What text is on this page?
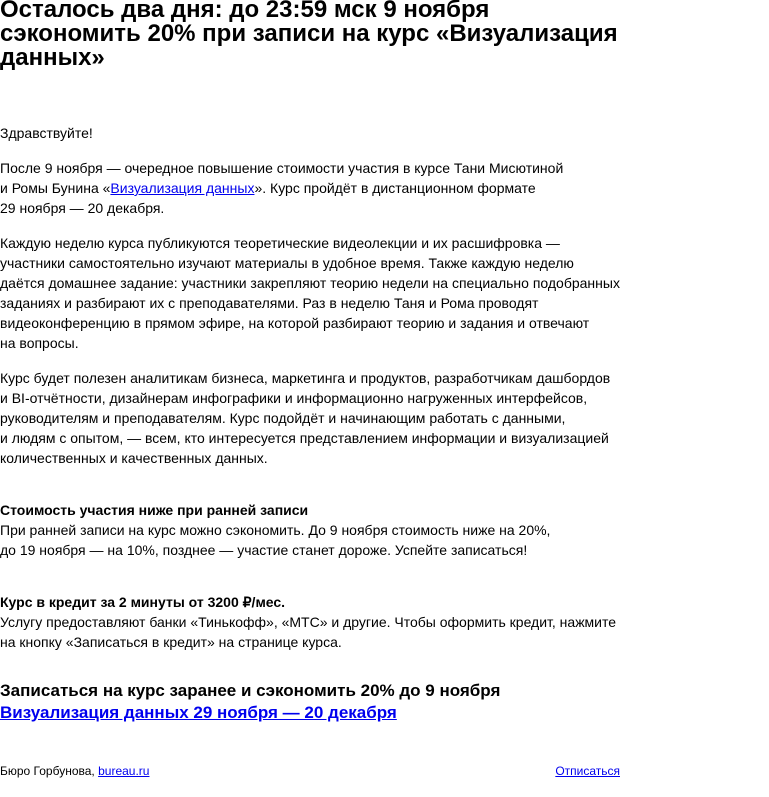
Осталось два дня: до 23:59 мск 9 ноября
сэкономить 20% при записи на курс «Визуализация
данных»

Здравствуйте!

После 9 ноября — очередное повышение стоимости участия в курсе Тани Мисютиной
и Ромы Бунина «Визуализация данных». Курс пройдёт в дистанционном формате
29 ноября — 20 декабря.

Каждую неделю курса публикуются теоретические видеолекции и их расшифровка —
участники самостоятельно изучают материалы в удобное время. Также каждую неделю
даётся домашнее задание: участники закрепляют теорию недели на специально подобранных
заданиях и разбирают их с преподавателями. Раз в неделю Таня и Рома проводят
видеоконференцию в прямом эфире, на которой разбирают теорию и задания и отвечают
на вопросы.

Курс будет полезен аналитикам бизнеса, маркетинга и продуктов, разработчикам дашбордов
и BI-отчётности, дизайнерам инфографики и информационно нагруженных интерфейсов,
руководителям и преподавателям. Курс подойдёт и начинающим работать с данными,
и людям с опытом, — всем, кто интересуется представлением информации и визуализацией
количественных и качественных данных.

Стоимость участия ниже при ранней записи

При ранней записи на курс можно сэкономить. До 9 ноября стоимость ниже на 20%,
до 19 ноября — на 10%, позднее — участие станет дороже. Успейте записаться!

Курс в кредит за 2 минуты от 3200 ₽/мес.

Услугу предоставляют банки «Тинькофф», «МТС» и другие. Чтобы оформить кредит, нажмите
на кнопку «Записаться в кредит» на странице курса.

Записаться на курс заранее и сэкономить 20% до 9 ноября

Визуализация данных 29 ноября — 20 декабря
Бюро Горбунова, bureau.ru	Отписаться
